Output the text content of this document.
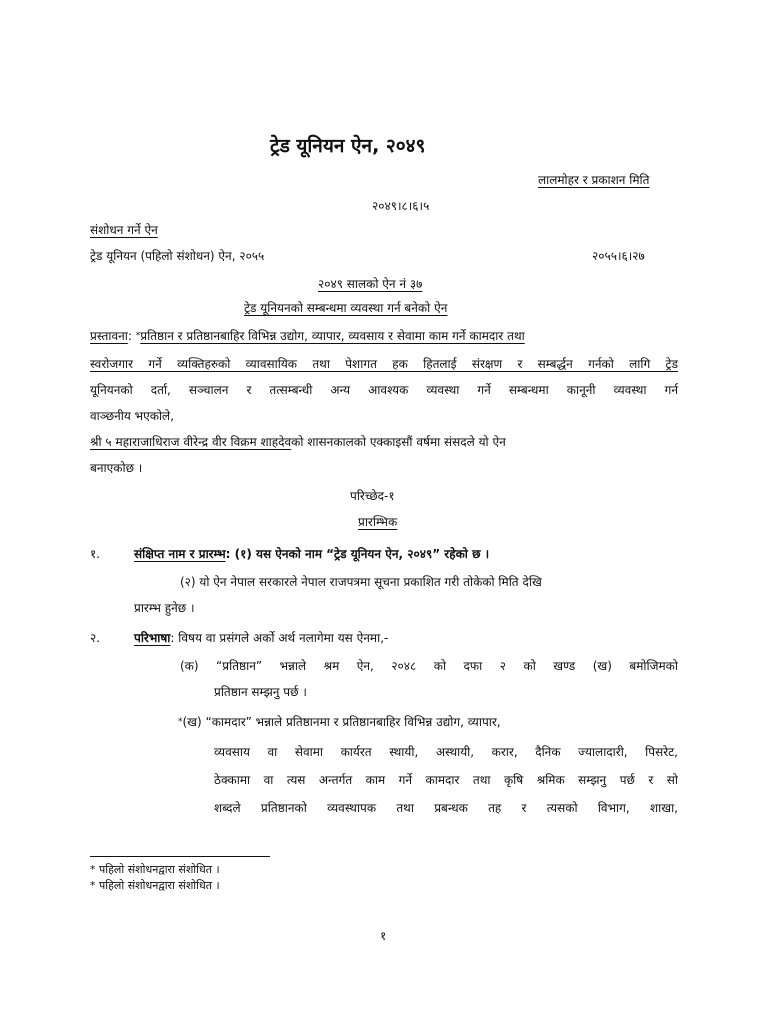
ट्रेड यूनियन ऐन, २०४९
लालमोहर र प्रकाशन मिति
२०४९।८।६।५
संशोधन गर्ने ऐन
ट्रेड यूनियन (पहिलो संशोधन) ऐन, २०५५	२०५५।६।२७
२०४९ सालको ऐन नं ३७
ट्रेड यूनियनको सम्बन्धमा व्यवस्था गर्न बनेको ऐन
प्रस्तावना: *प्रतिष्ठान र प्रतिष्ठानबाहिर विभिन्न उद्योग, व्यापार, व्यवसाय र सेवामा काम गर्ने कामदार तथा
स्वरोजगार गर्ने व्यक्तिहरुको व्यावसायिक तथा पेशागत हक हितलाई संरक्षण र सम्बर्द्धन गर्नको लागि ट्रेड
यूनियनको दर्ता, सञ्चालन र तत्सम्बन्धी अन्य आवश्यक व्यवस्था गर्ने सम्बन्धमा कानूनी व्यवस्था गर्न
वाञ्छनीय भएकोले,
श्री ५ महाराजाधिराज वीरेन्द्र वीर विक्रम शाहदेवको शासनकालको एक्काइसौं वर्षमा संसदले यो ऐन
बनाएकोछ ।
परिच्छेद-१
प्रारम्भिक
१.	संक्षिप्त नाम र प्रारम्भ: (१) यस ऐनको नाम “ट्रेड यूनियन ऐन, २०४९” रहेको छ ।
(२) यो ऐन नेपाल सरकारले नेपाल राजपत्रमा सूचना प्रकाशित गरी तोकेको मिति देखि
प्रारम्भ हुनेछ ।
२.	परिभाषा: विषय वा प्रसंगले अर्को अर्थ नलागेमा यस ऐनमा,-
(क) “प्रतिष्ठान” भन्नाले श्रम ऐन, २०४८ को दफा २ को खण्ड (ख) बमोजिमको
प्रतिष्ठान सम्झनु पर्छ ।
*(ख) “कामदार” भन्नाले प्रतिष्ठानमा र प्रतिष्ठानबाहिर विभिन्न उद्योग, व्यापार,
व्यवसाय वा सेवामा कार्यरत स्थायी, अस्थायी, करार, दैनिक ज्यालादारी, पिसरेट,
ठेक्कामा वा त्यस अन्तर्गत काम गर्ने कामदार तथा कृषि श्रमिक सम्झनु पर्छ र सो
शब्दले प्रतिष्ठानको व्यवस्थापक तथा प्रबन्धक तह र त्यसको विभाग, शाखा,
* पहिलो संशोधनद्वारा संशोधित ।
* पहिलो संशोधनद्वारा संशोधित ।
१
